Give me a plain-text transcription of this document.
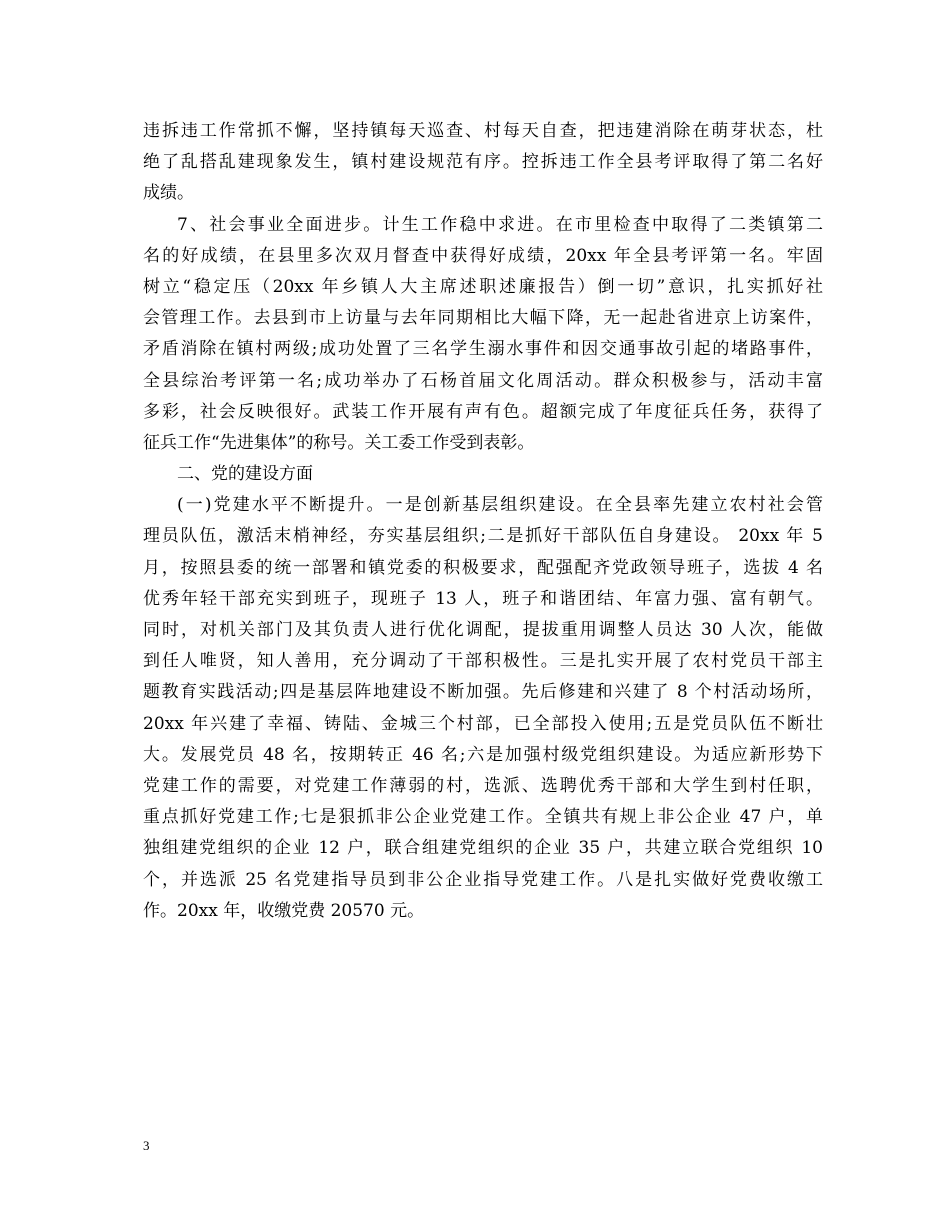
违拆违工作常抓不懈，坚持镇每天巡查、村每天自查，把违建消除在萌芽状态，杜
绝了乱搭乱建现象发生，镇村建设规范有序。控拆违工作全县考评取得了第二名好
成绩。
7、社会事业全面进步。计生工作稳中求进。在市里检查中取得了二类镇第二
名的好成绩，在县里多次双月督查中获得好成绩，20xx 年全县考评第一名。牢固
树立“稳定压（20xx 年乡镇人大主席述职述廉报告）倒一切”意识，扎实抓好社
会管理工作。去县到市上访量与去年同期相比大幅下降，无一起赴省进京上访案件，
矛盾消除在镇村两级;成功处置了三名学生溺水事件和因交通事故引起的堵路事件，
全县综治考评第一名;成功举办了石杨首届文化周活动。群众积极参与，活动丰富
多彩，社会反映很好。武装工作开展有声有色。超额完成了年度征兵任务，获得了
征兵工作“先进集体”的称号。关工委工作受到表彰。
二、党的建设方面
(一)党建水平不断提升。一是创新基层组织建设。在全县率先建立农村社会管
理员队伍，激活末梢神经，夯实基层组织;二是抓好干部队伍自身建设。 20xx 年 5
月，按照县委的统一部署和镇党委的积极要求，配强配齐党政领导班子，选拔 4 名
优秀年轻干部充实到班子，现班子 13 人，班子和谐团结、年富力强、富有朝气。
同时，对机关部门及其负责人进行优化调配，提拔重用调整人员达 30 人次，能做
到任人唯贤，知人善用，充分调动了干部积极性。三是扎实开展了农村党员干部主
题教育实践活动;四是基层阵地建设不断加强。先后修建和兴建了 8 个村活动场所，
20xx 年兴建了幸福、铸陆、金城三个村部，已全部投入使用;五是党员队伍不断壮
大。发展党员 48 名，按期转正 46 名;六是加强村级党组织建设。为适应新形势下
党建工作的需要，对党建工作薄弱的村，选派、选聘优秀干部和大学生到村任职，
重点抓好党建工作;七是狠抓非公企业党建工作。全镇共有规上非公企业 47 户，单
独组建党组织的企业 12 户，联合组建党组织的企业 35 户，共建立联合党组织 10
个，并选派 25 名党建指导员到非公企业指导党建工作。八是扎实做好党费收缴工
作。20xx 年，收缴党费 20570 元。
3
